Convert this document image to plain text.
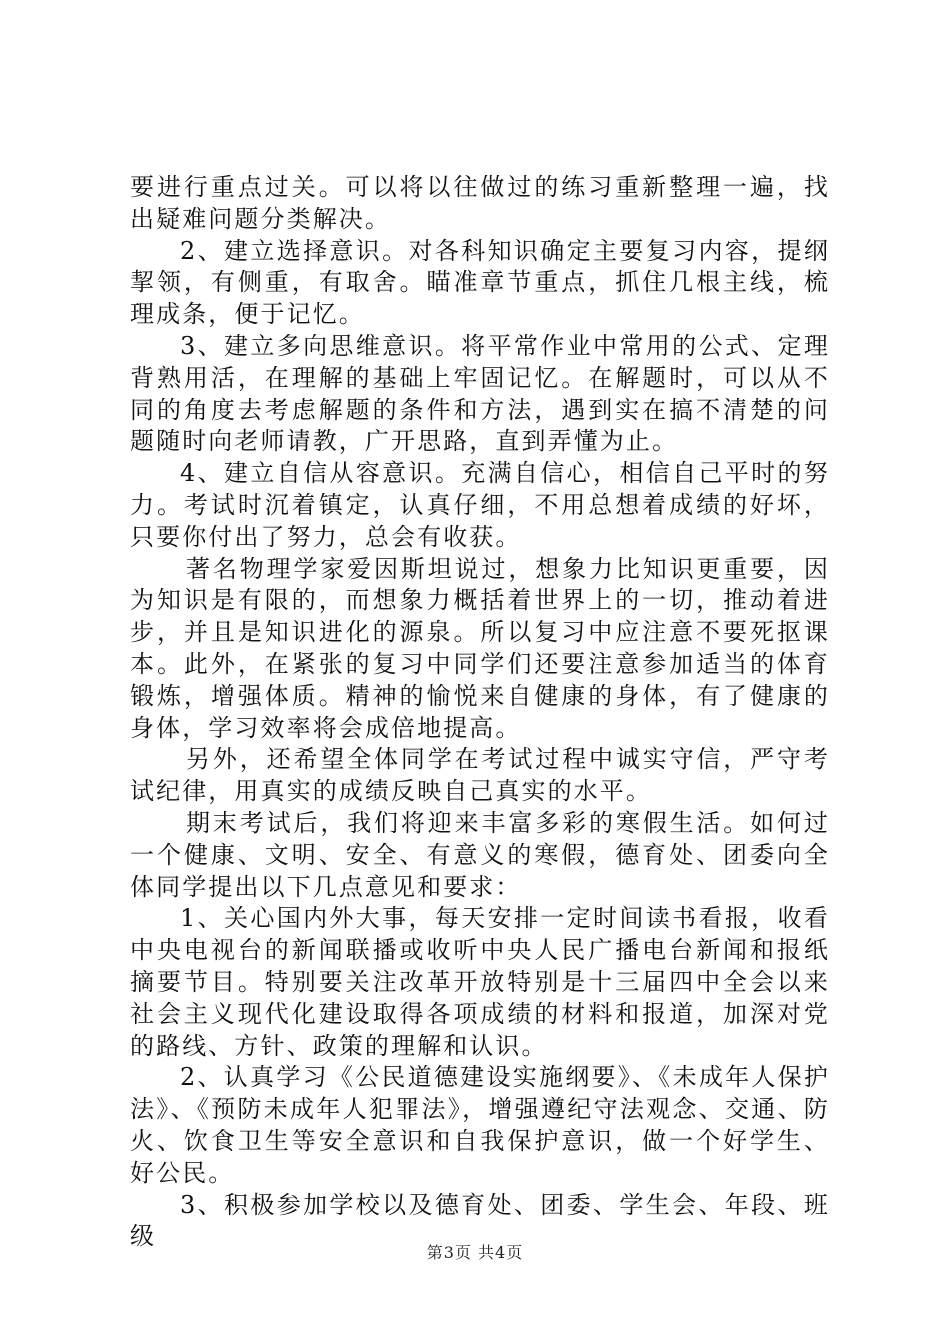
要进行重点过关。可以将以往做过的练习重新整理一遍，找出疑难问题分类解决。

2、建立选择意识。对各科知识确定主要复习内容，提纲挈领，有侧重，有取舍。瞄准章节重点，抓住几根主线，梳理成条，便于记忆。

3、建立多向思维意识。将平常作业中常用的公式、定理背熟用活，在理解的基础上牢固记忆。在解题时，可以从不同的角度去考虑解题的条件和方法，遇到实在搞不清楚的问题随时向老师请教，广开思路，直到弄懂为止。

4、建立自信从容意识。充满自信心，相信自己平时的努力。考试时沉着镇定，认真仔细，不用总想着成绩的好坏，只要你付出了努力，总会有收获。

著名物理学家爱因斯坦说过，想象力比知识更重要，因为知识是有限的，而想象力概括着世界上的一切，推动着进步，并且是知识进化的源泉。所以复习中应注意不要死抠课本。此外，在紧张的复习中同学们还要注意参加适当的体育锻炼，增强体质。精神的愉悦来自健康的身体，有了健康的身体，学习效率将会成倍地提高。

另外，还希望全体同学在考试过程中诚实守信，严守考试纪律，用真实的成绩反映自己真实的水平。

期末考试后，我们将迎来丰富多彩的寒假生活。如何过一个健康、文明、安全、有意义的寒假，德育处、团委向全体同学提出以下几点意见和要求：

1、关心国内外大事，每天安排一定时间读书看报，收看中央电视台的新闻联播或收听中央人民广播电台新闻和报纸摘要节目。特别要关注改革开放特别是十三届四中全会以来社会主义现代化建设取得各项成绩的材料和报道，加深对党的路线、方针、政策的理解和认识。

2、认真学习《公民道德建设实施纲要》、《未成年人保护法》、《预防未成年人犯罪法》，增强遵纪守法观念、交通、防火、饮食卫生等安全意识和自我保护意识，做一个好学生、好公民。

3、积极参加学校以及德育处、团委、学生会、年段、班级

第3页 共4页
